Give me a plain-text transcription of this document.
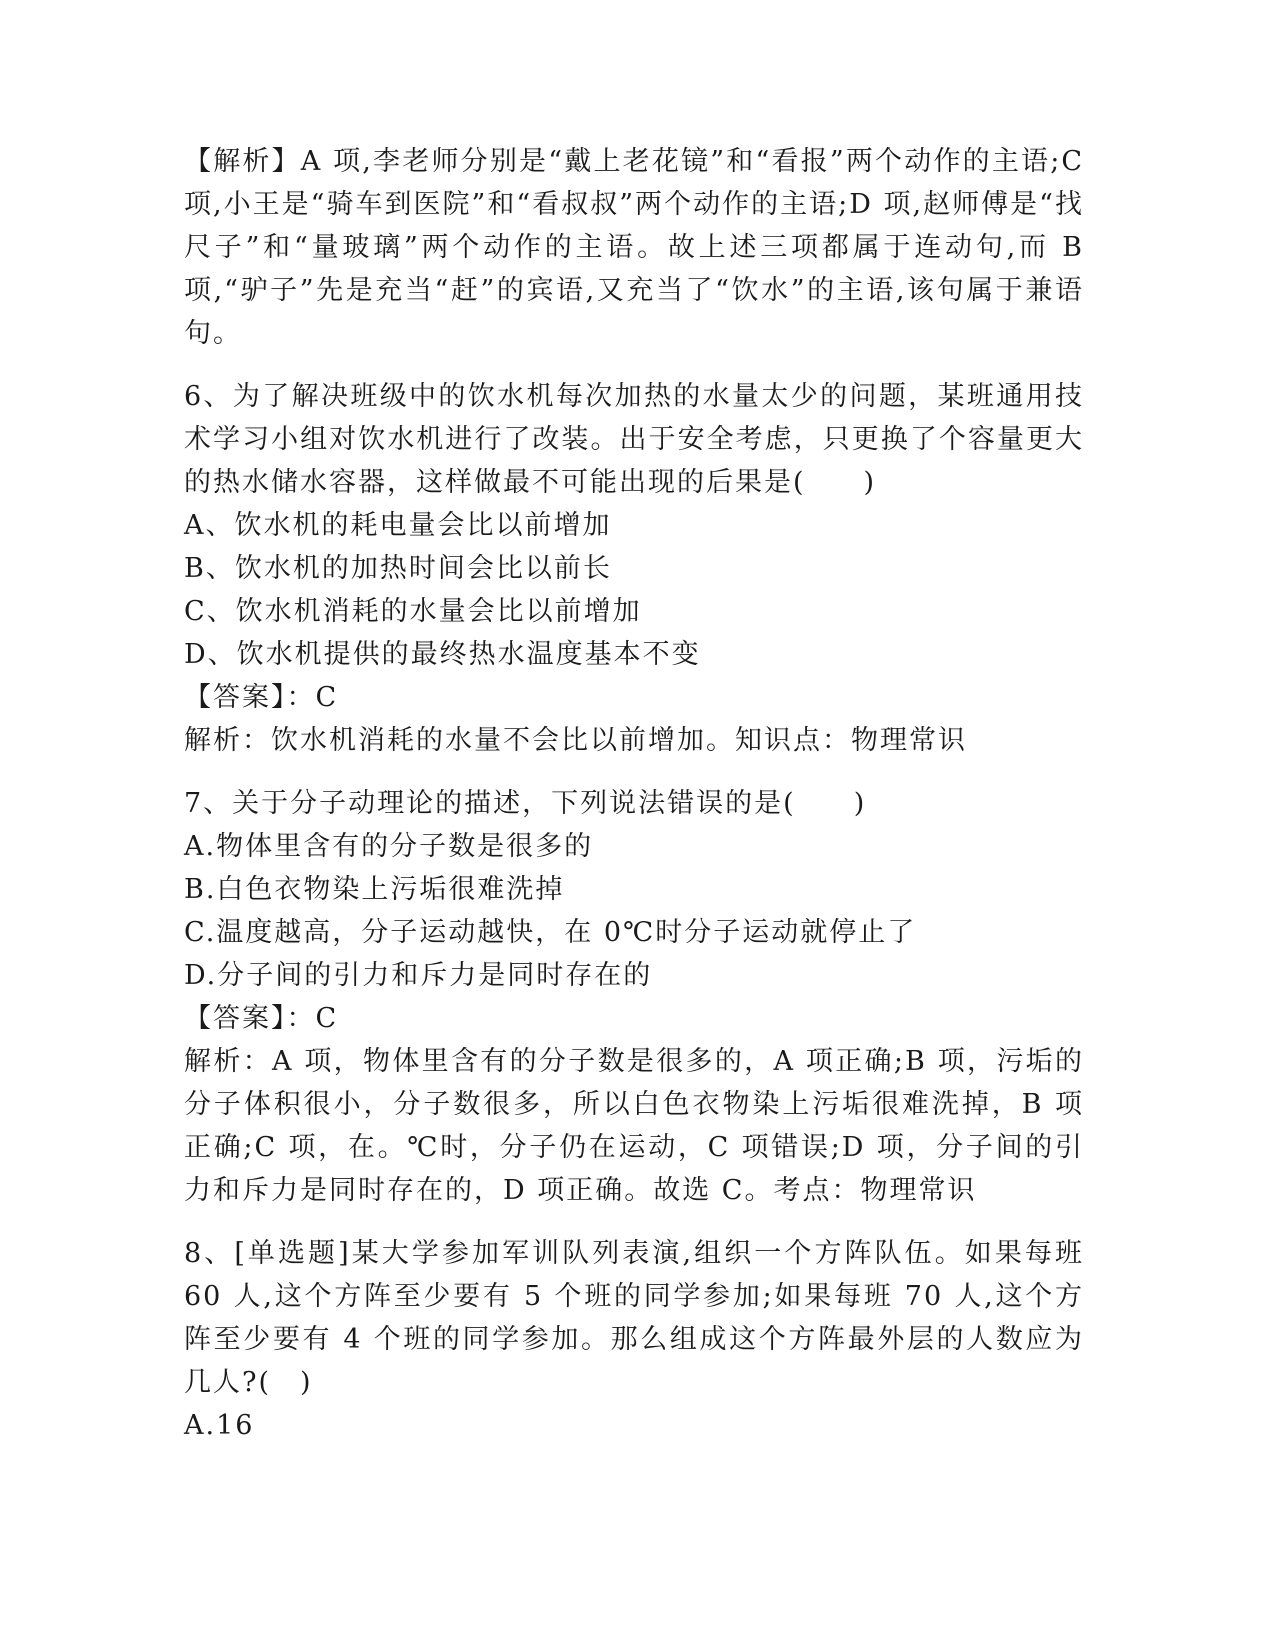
【解析】A 项,李老师分别是“戴上老花镜”和“看报”两个动作的主语;C 项,小王是“骑车到医院”和“看叔叔”两个动作的主语;D 项,赵师傅是“找尺子”和“量玻璃”两个动作的主语。故上述三项都属于连动句,而 B 项,“驴子”先是充当“赶”的宾语,又充当了“饮水”的主语,该句属于兼语句。

6、为了解决班级中的饮水机每次加热的水量太少的问题，某班通用技术学习小组对饮水机进行了改装。出于安全考虑，只更换了个容量更大的热水储水容器，这样做最不可能出现的后果是(　　)

A、饮水机的耗电量会比以前增加

B、饮水机的加热时间会比以前长

C、饮水机消耗的水量会比以前增加

D、饮水机提供的最终热水温度基本不变

【答案】：C

解析：饮水机消耗的水量不会比以前增加。知识点：物理常识

7、关于分子动理论的描述，下列说法错误的是(　　)

A.物体里含有的分子数是很多的

B.白色衣物染上污垢很难洗掉

C.温度越高，分子运动越快，在 0℃时分子运动就停止了

D.分子间的引力和斥力是同时存在的

【答案】：C

解析：A 项，物体里含有的分子数是很多的，A 项正确;B 项，污垢的分子体积很小，分子数很多，所以白色衣物染上污垢很难洗掉，B 项正确;C 项，在。℃时，分子仍在运动，C 项错误;D 项，分子间的引力和斥力是同时存在的，D 项正确。故选 C。考点：物理常识

8、[单选题]某大学参加军训队列表演,组织一个方阵队伍。如果每班60 人,这个方阵至少要有 5 个班的同学参加;如果每班 70 人,这个方阵至少要有 4 个班的同学参加。那么组成这个方阵最外层的人数应为几人?(　)

A.16
